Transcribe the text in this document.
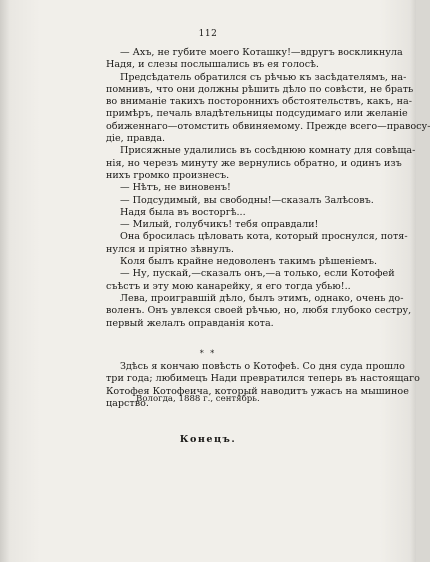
112
— Ахъ, не губите моего Коташку!—вдругъ воскликнула
Надя, и слезы послышались въ ея голосѣ.
Предсѣдатель обратился съ рѣчью къ засѣдателямъ, на-
помнивъ, что они должны рѣшить дѣло по совѣсти, не брать
во вниманіе такихъ постороннихъ обстоятельствъ, какъ, на-
примѣръ, печаль владѣтельницы подсудимаго или желаніе
обиженнаго—отомстить обвиняемому. Прежде всего—правосу-
діе, правда.
Присяжные удалились въ сосѣднюю комнату для совѣща-
нія, но черезъ минуту же вернулись обратно, и одинъ изъ
нихъ громко произнесъ.
— Нѣтъ, не виновенъ!
— Подсудимый, вы свободны!—сказалъ Залѣсовъ.
Надя была въ восторгѣ...
— Милый, голубчикъ! тебя оправдали!
Она бросилась цѣловать кота, который проснулся, потя-
нулся и пріятно зѣвнулъ.
Коля былъ крайне недоволенъ такимъ рѣшеніемъ.
— Ну, пускай,—сказалъ онъ,—а только, если Котофей
съѣстъ и эту мою канарейку, я его тогда убью!..
Лева, проигравшій дѣло, былъ этимъ, однако, очень до-
воленъ. Онъ увлекся своей рѣчью, но, любя глубоко сестру,
первый желалъ оправданія кота.
* *
Здѣсь я кончаю повѣсть о Котофеѣ. Со дня суда прошло
три года; любимецъ Нади превратился теперь въ настоящаго
Котофея Котофеича, который наводитъ ужасъ на мышиное
царство.
Вологда, 1888 г., сентябрь.
Конецъ.
